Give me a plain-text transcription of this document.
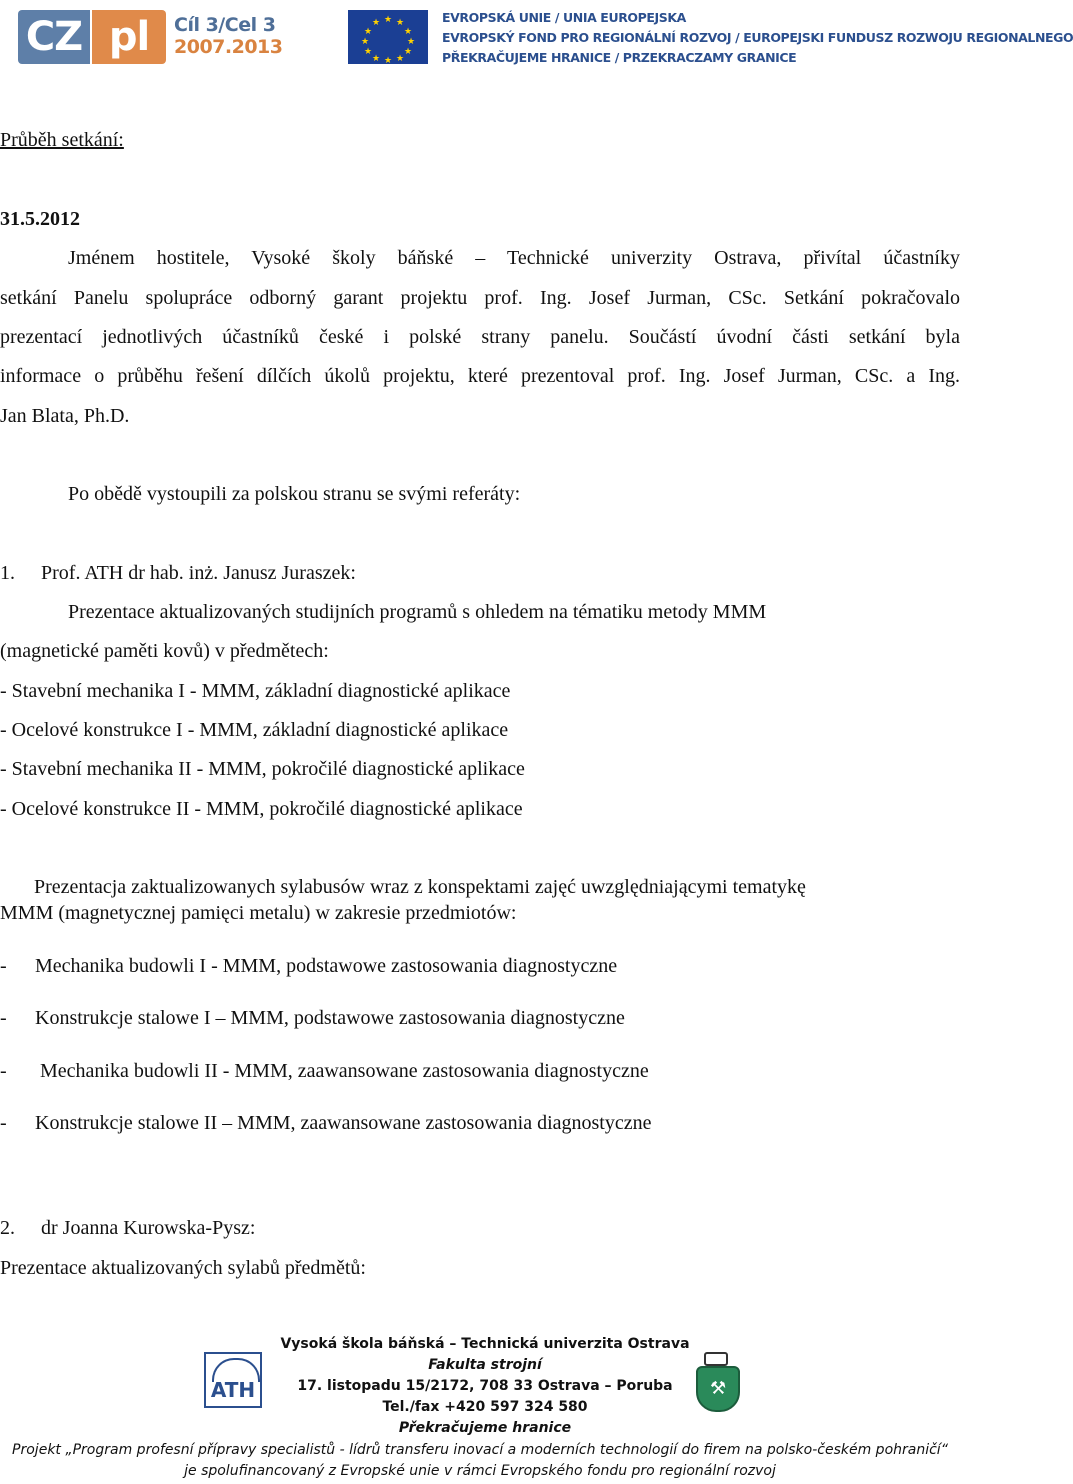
CZ pl	Cíl 3/Cel 3
2007.2013
★ ★
★
★
★
★
★
★
★
★
★
★	EVROPSKÁ UNIE / UNIA EUROPEJSKA
EVROPSKÝ FOND PRO REGIONÁLNÍ ROZVOJ / EUROPEJSKI FUNDUSZ ROZWOJU REGIONALNEGO
PŘEKRAČUJEME HRANICE / PRZEKRACZAMY GRANICE

Průběh setkání:

31.5.2012

Jménem hostitele, Vysoké školy báňské – Technické univerzity Ostrava, přivítal účastníky

setkání Panelu spolupráce odborný garant projektu prof. Ing. Josef Jurman, CSc. Setkání pokračovalo

prezentací jednotlivých účastníků české i polské strany panelu. Součástí úvodní části setkání byla

informace o průběhu řešení dílčích úkolů projektu, které prezentoval prof. Ing. Josef Jurman, CSc. a Ing.

Jan Blata, Ph.D.

Po obědě vystoupili za polskou stranu se svými referáty:

1. Prof. ATH dr hab. inż. Janusz Juraszek:

Prezentace aktualizovaných studijních programů s ohledem na tématiku metody MMM

(magnetické paměti kovů) v předmětech:

- Stavební mechanika I - MMM, základní diagnostické aplikace

- Ocelové konstrukce I - MMM, základní diagnostické aplikace

- Stavební mechanika II - MMM, pokročilé diagnostické aplikace

- Ocelové konstrukce II - MMM, pokročilé diagnostické aplikace

Prezentacja zaktualizowanych sylabusów wraz z konspektami zajęć uwzględniającymi tematykę

MMM (magnetycznej pamięci metalu) w zakresie przedmiotów:

- Mechanika budowli I - MMM, podstawowe zastosowania diagnostyczne

- Konstrukcje stalowe I – MMM, podstawowe zastosowania diagnostyczne

- Mechanika budowli II - MMM, zaawansowane zastosowania diagnostyczne

- Konstrukcje stalowe II – MMM, zaawansowane zastosowania diagnostyczne

2. dr Joanna Kurowska-Pysz:

Prezentace aktualizovaných sylabů předmětů:

ATH
Vysoká škola báňská – Technická univerzita Ostrava
Fakulta strojní
17. listopadu 15/2172, 708 33 Ostrava – Poruba
Tel./fax +420 597 324 580
Překračujeme hranice
⚒
Projekt „Program profesní přípravy specialistů - lídrů transferu inovací a moderních technologií do firem na polsko-českém pohraničí“
je spolufinancovaný z Evropské unie v rámci Evropského fondu pro regionální rozvoj
